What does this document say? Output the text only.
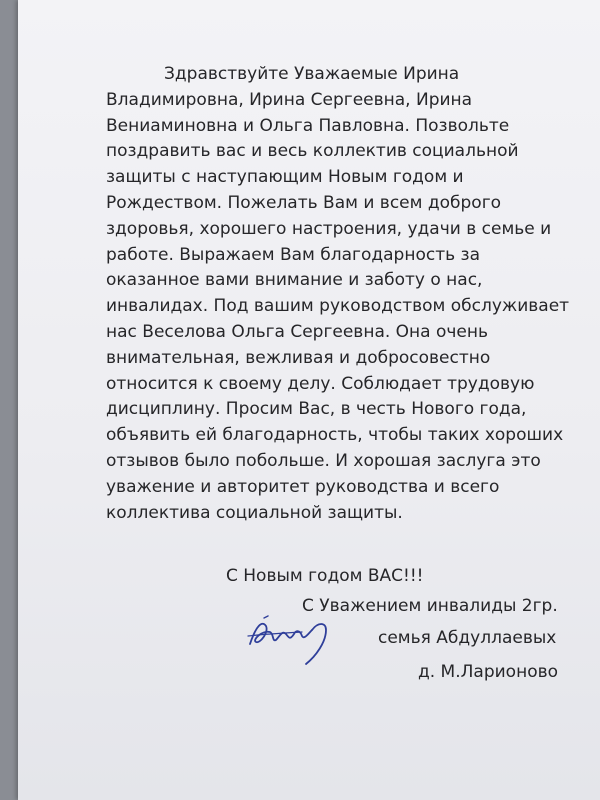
Здравствуйте Уважаемые Ирина Владимировна, Ирина Сергеевна, Ирина Вениаминовна и Ольга Павловна. Позвольте поздравить вас и весь коллектив социальной защиты с наступающим Новым годом и Рождеством. Пожелать Вам и всем доброго здоровья, хорошего настроения, удачи в семье и работе. Выражаем Вам благодарность за оказанное вами внимание и заботу о нас, инвалидах. Под вашим руководством обслуживает нас Веселова Ольга Сергеевна. Она очень внимательная, вежливая и добросовестно относится к своему делу. Соблюдает трудовую дисциплину. Просим Вас, в честь Нового года, объявить ей благодарность, чтобы таких хороших отзывов было побольше. И хорошая заслуга это уважение и авторитет руководства и всего коллектива социальной защиты.

С Новым годом ВАС!!!
С Уважением инвалиды 2гр.
семья Абдуллаевых
д. М.Ларионово
